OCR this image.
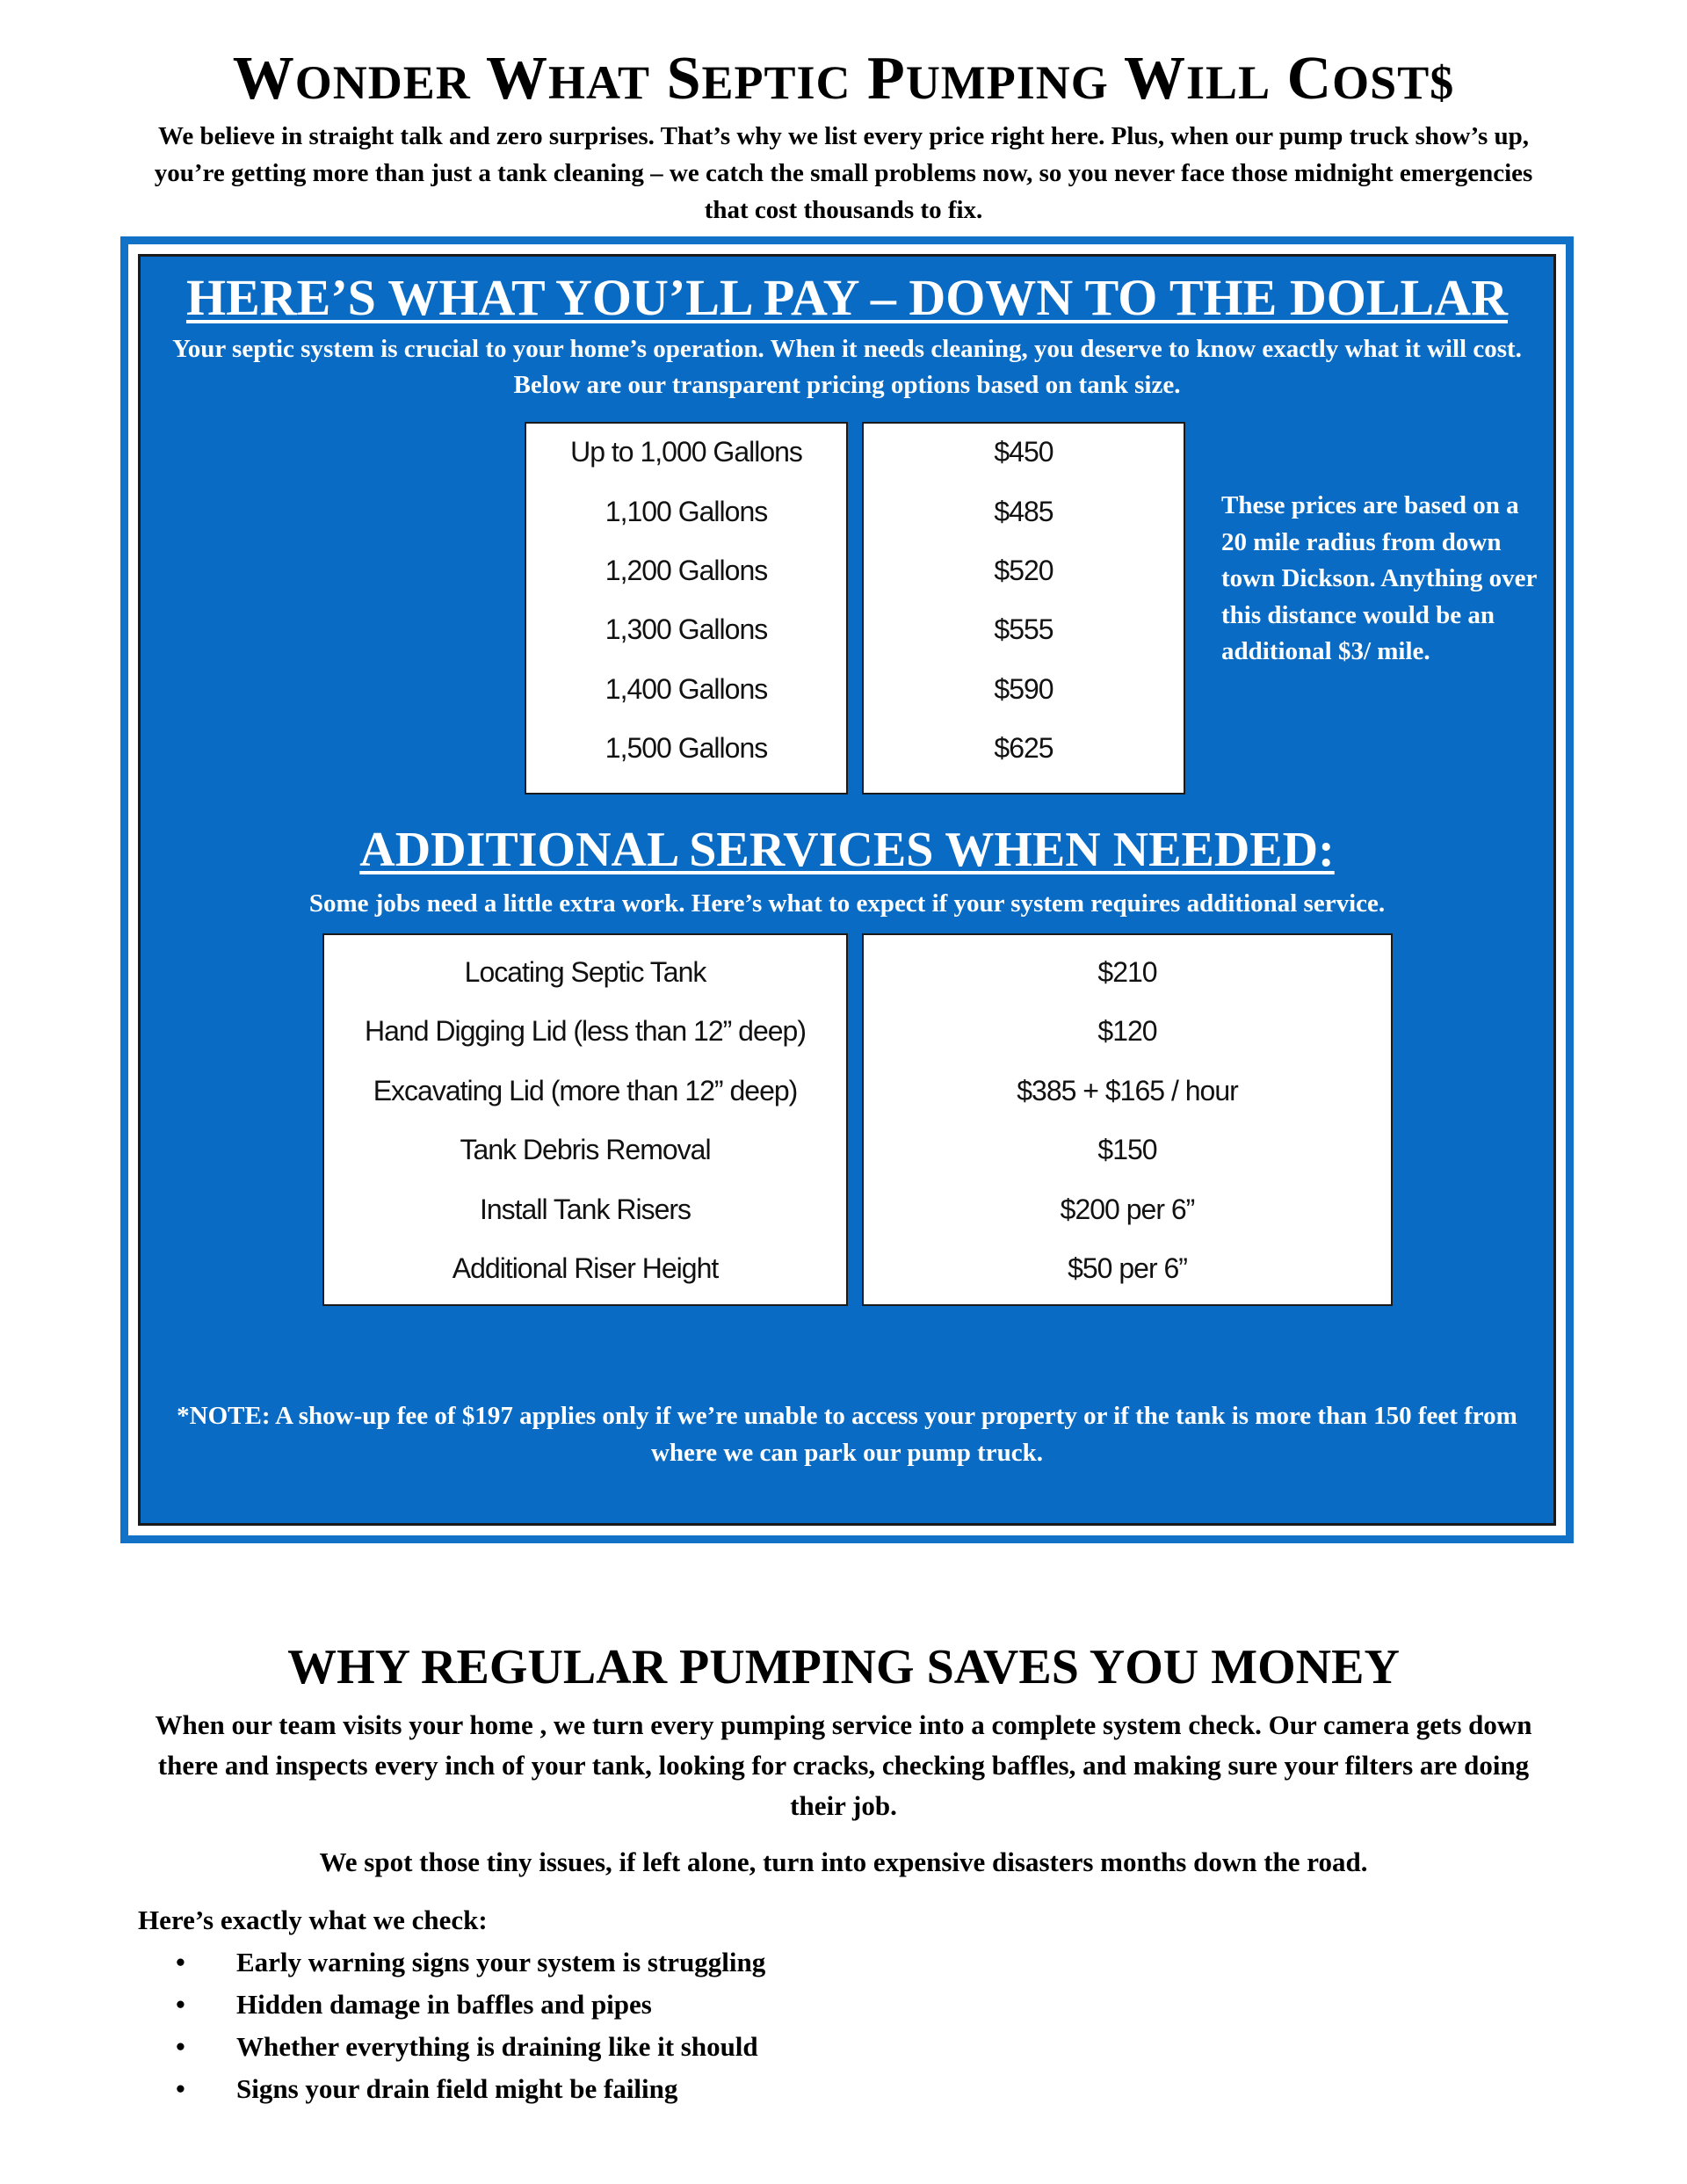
WONDER WHAT SEPTIC PUMPING WILL COST$
We believe in straight talk and zero surprises. That’s why we list every price right here. Plus, when our pump truck show’s up, you’re getting more than just a tank cleaning – we catch the small problems now, so you never face those midnight emergencies that cost thousands to fix.
HERE’S WHAT YOU’LL PAY – DOWN TO THE DOLLAR
Your septic system is crucial to your home’s operation. When it needs cleaning, you deserve to know exactly what it will cost. Below are our transparent pricing options based on tank size.
Up to 1,000 Gallons
1,100 Gallons
1,200 Gallons
1,300 Gallons
1,400 Gallons
1,500 Gallons
$450
$485
$520
$555
$590
$625
These prices are based on a 20 mile radius from down town Dickson. Anything over this distance would be an additional $3/ mile.
ADDITIONAL SERVICES WHEN NEEDED:
Some jobs need a little extra work. Here’s what to expect if your system requires additional service.
Locating Septic Tank
Hand Digging Lid (less than 12” deep)
Excavating Lid (more than 12” deep)
Tank Debris Removal
Install Tank Risers
Additional Riser Height
$210
$120
$385 + $165 / hour
$150
$200 per 6”
$50 per 6”
*NOTE: A show-up fee of $197 applies only if we’re unable to access your property or if the tank is more than 150 feet from where we can park our pump truck.
WHY REGULAR PUMPING SAVES YOU MONEY
When our team visits your home , we turn every pumping service into a complete system check. Our camera gets down there and inspects every inch of your tank, looking for cracks, checking baffles, and making sure your filters are doing their job.
We spot those tiny issues, if left alone, turn into expensive disasters months down the road.
Here’s exactly what we check:
• Early warning signs your system is struggling
• Hidden damage in baffles and pipes
• Whether everything is draining like it should
• Signs your drain field might be failing
